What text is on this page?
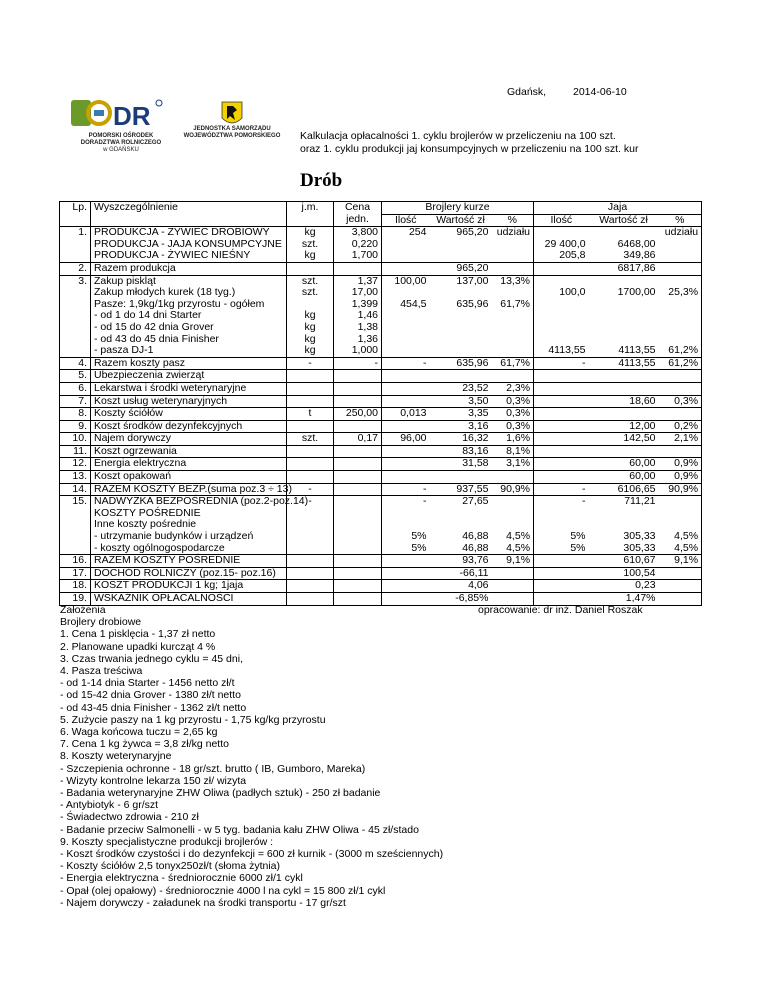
Gdańsk,	2014-06-10
DR
POMORSKI OŚRODEK
DORADZTWA ROLNICZEGO
w GDAŃSKU
JEDNOSTKA SAMORZĄDU
WOJEWÓDZTWA POMORSKIEGO	Kalkulacja opłacalności 1. cyklu brojlerów w przeliczeniu na 100 szt.
oraz 1. cyklu produkcji jaj konsumpcyjnych w przeliczeniu na 100 szt. kur
Drób
Lp.	Wyszczególnienie	j.m.	Cena	Brojlery kurze			Jaja		
			jedn.	Ilość	Wartość zł	%	Ilość	Wartość zł	%
1.	PRODUKCJA - ŻYWIEC DROBIOWY	kg	3,800	254	965,20	udziału			udziału
	PRODUKCJA - JAJA KONSUMPCYJNE	szt.	0,220				29 400,0	6468,00	
	PRODUKCJA - ŻYWIEC NIEŚNY	kg	1,700				205,8	349,86	
2.	Razem produkcja				965,20			6817,86	
3.	Zakup piskląt	szt.	1,37	100,00	137,00	13,3%			
	Zakup młodych kurek (18 tyg.)	szt.	17,00				100,0	1700,00	25,3%
	Pasze: 1,9kg/1kg przyrostu - ogółem		1,399	454,5	635,96	61,7%			
	- od 1 do 14 dni Starter	kg	1,46						
	- od 15 do 42 dnia Grover	kg	1,38						
	- od 43 do 45 dnia Finisher	kg	1,36						
	- pasza DJ-1	kg	1,000				4113,55	4113,55	61,2%
4.	Razem koszty pasz	-	-	-	635,96	61,7%	-	4113,55	61,2%
5.	Ubezpieczenia zwierząt								
6.	Lekarstwa i środki weterynaryjne				23,52	2,3%			
7.	Koszt usług weterynaryjnych				3,50	0,3%		18,60	0,3%
8.	Koszty ściółów	t	250,00	0,013	3,35	0,3%			
9.	Koszt środków dezynfekcyjnych				3,16	0,3%		12,00	0,2%
10.	Najem dorywczy	szt.	0,17	96,00	16,32	1,6%		142,50	2,1%
11.	Koszt ogrzewania				83,16	8,1%			
12.	Energia elektryczna				31,58	3,1%		60,00	0,9%
13.	Koszt opakowań							60,00	0,9%
14.	RAZEM KOSZTY BEZP.(suma poz.3 ÷ 13)	-		-	937,55	90,9%	-	6106,65	90,9%
15.	NADWYŻKA BEZPOŚREDNIA (poz.2-poz.14)	-		-	27,65		-	711,21	
	KOSZTY POŚREDNIE								
	Inne koszty pośrednie								
	- utrzymanie budynków i urządzeń			5%	46,88	4,5%	5%	305,33	4,5%
	- koszty ogólnogospodarcze			5%	46,88	4,5%	5%	305,33	4,5%
16.	RAZEM KOSZTY POŚREDNIE				93,76	9,1%		610,67	9,1%
17.	DOCHÓD ROLNICZY (poz.15- poz.16)				-66,11			100,54	
18.	KOSZT PRODUKCJI 1 kg; 1jaja				4,06			0,23	
19.	WSKAŹNIK OPŁACALNOŚCI				-6,85%			1,47%	
opracowanie: dr inż. Daniel Roszak
Założenia
Brojlery drobiowe
1. Cena 1 pisklęcia - 1,37 zł netto
2. Planowane upadki kurcząt 4 %
3. Czas trwania jednego cyklu = 45 dni,
4. Pasza treściwa
- od 1-14 dnia Starter - 1456 netto zł/t
- od 15-42 dnia Grover - 1380 zł/t netto
- od 43-45 dnia Finisher - 1362 zł/t netto
5. Zużycie paszy na 1 kg przyrostu - 1,75 kg/kg przyrostu
6. Waga końcowa tuczu = 2,65 kg
7. Cena 1 kg żywca = 3,8 zł/kg netto
8. Koszty weterynaryjne
- Szczepienia ochronne - 18 gr/szt. brutto ( IB, Gumboro, Mareka)
- Wizyty kontrolne lekarza 150 zł/ wizyta
- Badania weterynaryjne ZHW Oliwa (padłych sztuk) - 250 zł badanie
- Antybiotyk - 6 gr/szt
- Świadectwo zdrowia - 210 zł
- Badanie przeciw Salmonelli - w 5 tyg. badania kału ZHW Oliwa - 45 zł/stado
9. Koszty specjalistyczne produkcji brojlerów :
- Koszt środków czystości i do dezynfekcji = 600 zł kurnik - (3000 m sześciennych)
- Koszty ściółów 2,5 tonyx250zł/t (słoma żytnia)
- Energia elektryczna - średniorocznie 6000 zł/1 cykl
- Opał (olej opałowy) - średniorocznie 4000 l na cykl = 15 800 zł/1 cykl
- Najem dorywczy - załadunek na środki transportu - 17 gr/szt
